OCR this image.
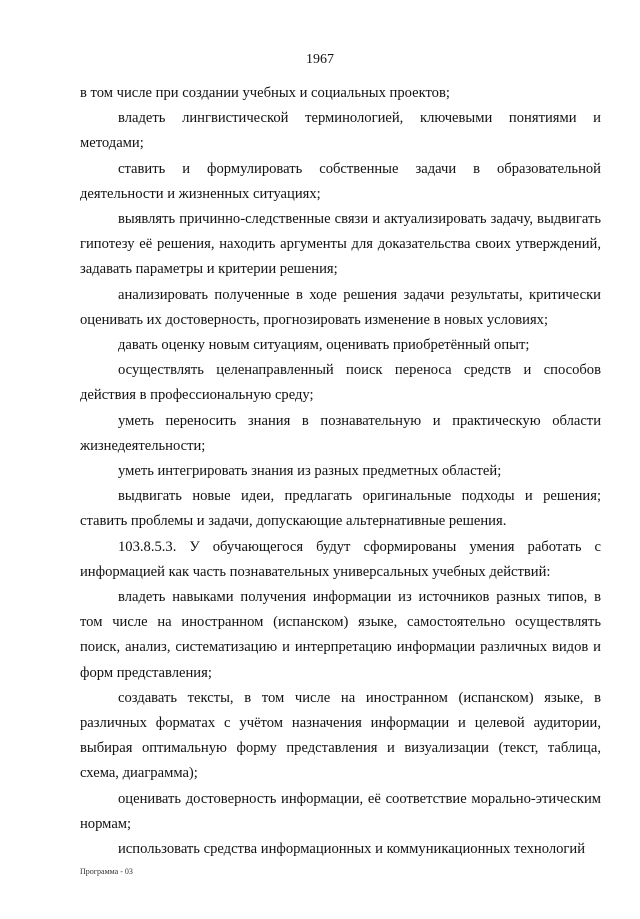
1967

в том числе при создании учебных и социальных проектов;

владеть лингвистической терминологией, ключевыми понятиями и методами;

ставить и формулировать собственные задачи в образовательной деятельности и жизненных ситуациях;

выявлять причинно-следственные связи и актуализировать задачу, выдвигать гипотезу её решения, находить аргументы для доказательства своих утверждений, задавать параметры и критерии решения;

анализировать полученные в ходе решения задачи результаты, критически оценивать их достоверность, прогнозировать изменение в новых условиях;

давать оценку новым ситуациям, оценивать приобретённый опыт;

осуществлять целенаправленный поиск переноса средств и способов действия в профессиональную среду;

уметь переносить знания в познавательную и практическую области жизнедеятельности;

уметь интегрировать знания из разных предметных областей;

выдвигать новые идеи, предлагать оригинальные подходы и решения; ставить проблемы и задачи, допускающие альтернативные решения.

103.8.5.3. У обучающегося будут сформированы умения работать с информацией как часть познавательных универсальных учебных действий:

владеть навыками получения информации из источников разных типов, в том числе на иностранном (испанском) языке, самостоятельно осуществлять поиск, анализ, систематизацию и интерпретацию информации различных видов и форм представления;

создавать тексты, в том числе на иностранном (испанском) языке, в различных форматах с учётом назначения информации и целевой аудитории, выбирая оптимальную форму представления и визуализации (текст, таблица, схема, диаграмма);

оценивать достоверность информации, её соответствие морально-этическим нормам;

использовать средства информационных и коммуникационных технологий

Программа - 03
